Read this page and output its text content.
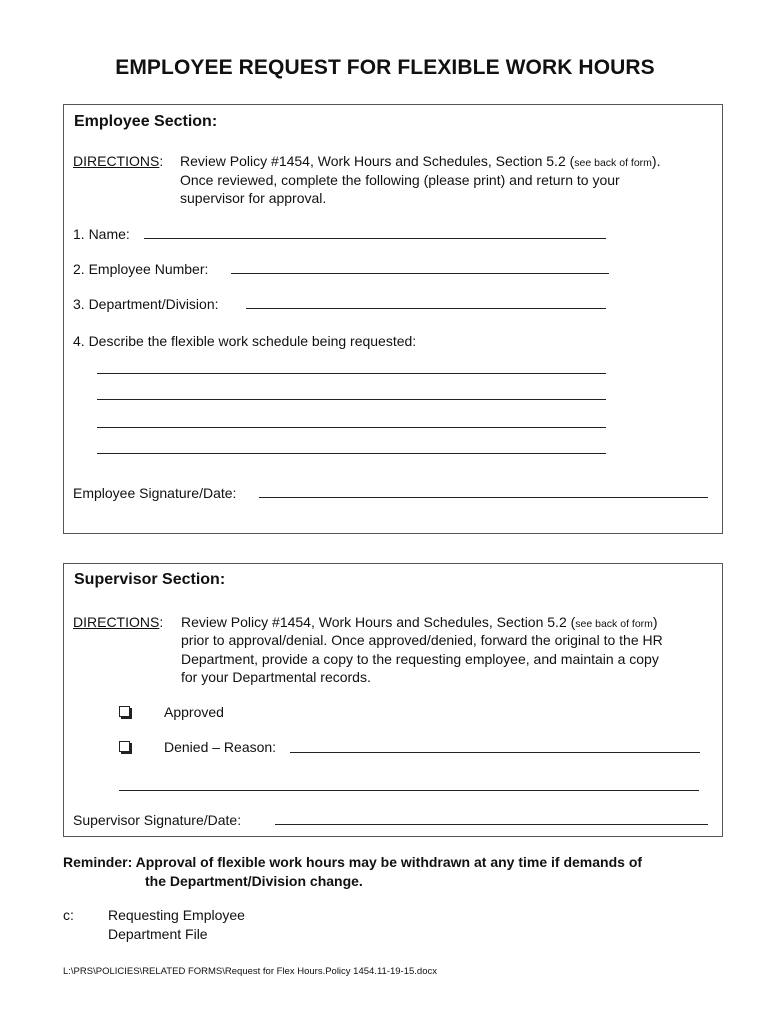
EMPLOYEE REQUEST FOR FLEXIBLE WORK HOURS
Employee Section:
DIRECTIONS: Review Policy #1454, Work Hours and Schedules, Section 5.2 (see back of form).
Once reviewed, complete the following (please print) and return to your
supervisor for approval.
1. Name:
2. Employee Number:
3. Department/Division:
4. Describe the flexible work schedule being requested:
Employee Signature/Date:
Supervisor Section:
DIRECTIONS: Review Policy #1454, Work Hours and Schedules, Section 5.2 (see back of form)
prior to approval/denial. Once approved/denied, forward the original to the HR
Department, provide a copy to the requesting employee, and maintain a copy
for your Departmental records.
Approved
Denied – Reason:
Supervisor Signature/Date:
Reminder: Approval of flexible work hours may be withdrawn at any time if demands of
the Department/Division change.
c: Requesting Employee
Department File
L:\PRS\POLICIES\RELATED FORMS\Request for Flex Hours.Policy 1454.11-19-15.docx
